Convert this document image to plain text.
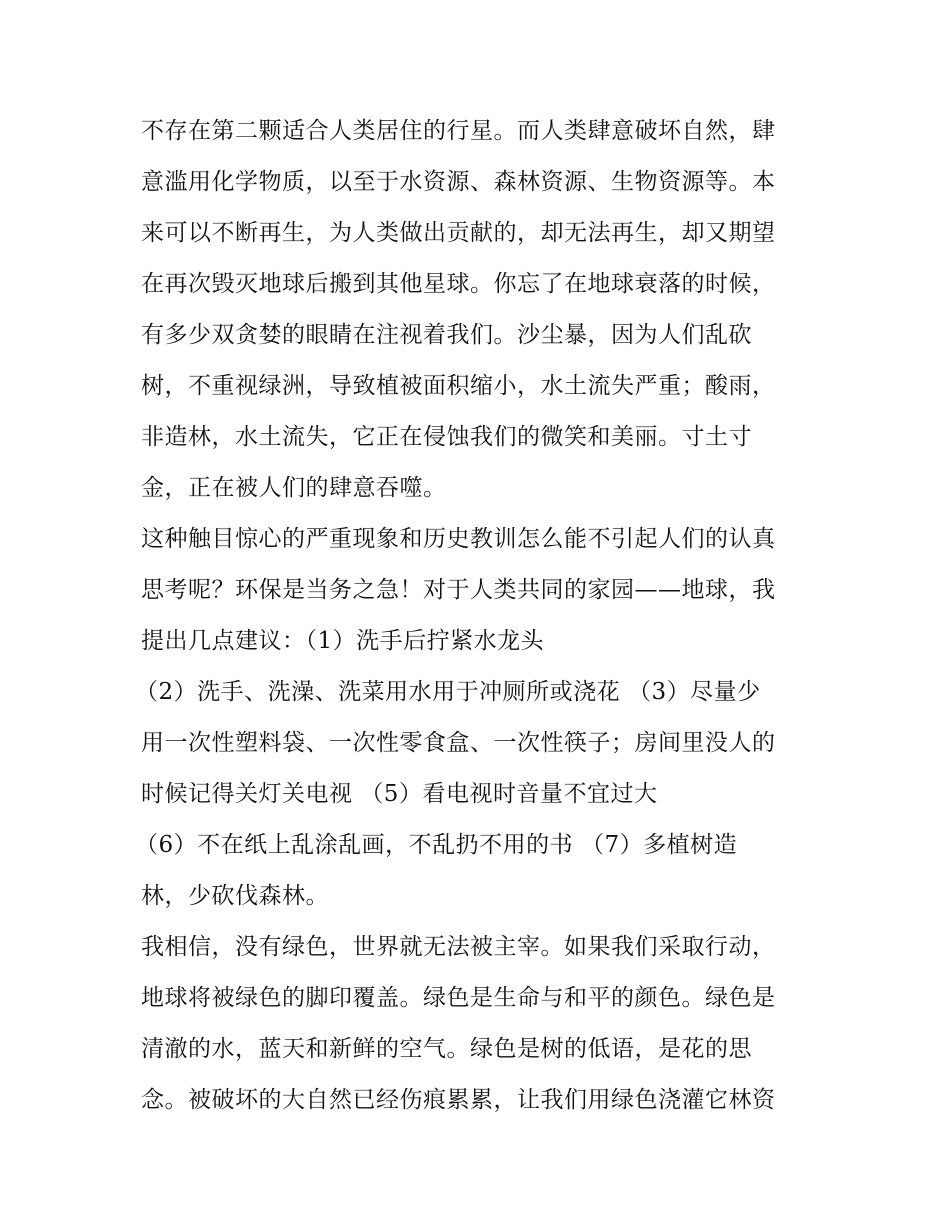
不存在第二颗适合人类居住的行星。而人类肆意破坏自然，肆
意滥用化学物质，以至于水资源、森林资源、生物资源等。本
来可以不断再生，为人类做出贡献的，却无法再生，却又期望
在再次毁灭地球后搬到其他星球。你忘了在地球衰落的时候，
有多少双贪婪的眼睛在注视着我们。沙尘暴，因为人们乱砍
树，不重视绿洲，导致植被面积缩小，水土流失严重；酸雨，
非造林，水土流失，它正在侵蚀我们的微笑和美丽。寸土寸
金，正在被人们的肆意吞噬。
这种触目惊心的严重现象和历史教训怎么能不引起人们的认真
思考呢？环保是当务之急！对于人类共同的家园——地球，我
提出几点建议：（1）洗手后拧紧水龙头
（2）洗手、洗澡、洗菜用水用于冲厕所或浇花 （3）尽量少
用一次性塑料袋、一次性零食盒、一次性筷子；房间里没人的
时候记得关灯关电视 （5）看电视时音量不宜过大
（6）不在纸上乱涂乱画，不乱扔不用的书 （7）多植树造
林，少砍伐森林。
我相信，没有绿色，世界就无法被主宰。如果我们采取行动，
地球将被绿色的脚印覆盖。绿色是生命与和平的颜色。绿色是
清澈的水，蓝天和新鲜的空气。绿色是树的低语，是花的思
念。被破坏的大自然已经伤痕累累，让我们用绿色浇灌它林资
